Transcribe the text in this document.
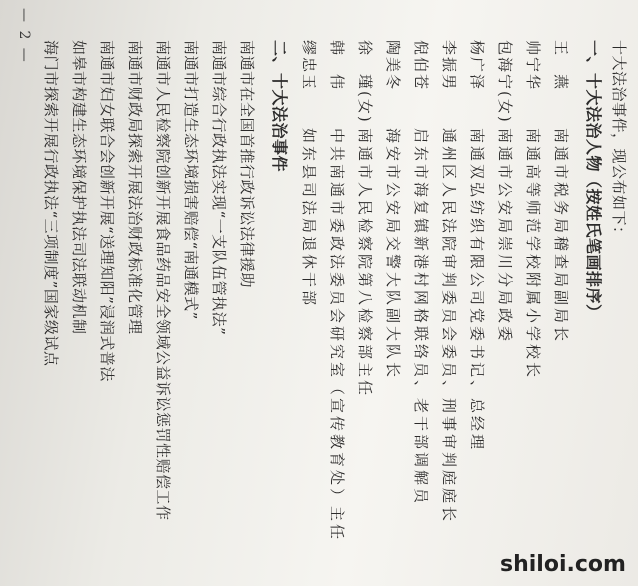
十大法治事件，现公布如下：
一、十大法治人物（按姓氏笔画排序）
王　燕南通市税务局稽查局副局长
帅宁华南通高等师范学校附属小学校长
包海宁(女)南通市公安局崇川分局政委
杨广泽南通双弘纺织有限公司党委书记、总经理
李振男通州区人民法院审判委员会委员、刑事审判庭庭长
倪伯苍启东市海复镇新港村网格联络员、老干部调解员
陶美冬海安市公安局交警大队副大队长
徐　瑾(女)南通市人民检察院第八检察部主任
韩　伟中共南通市委政法委员会研究室（宣传教育处）主任
缪忠玉如东县司法局退休干部
二、十大法治事件
南通市在全国首推行政诉讼法律援助
南通市综合行政执法实现“一支队伍管执法”
南通市打造生态环境损害赔偿“南通模式”
南通市人民检察院创新开展食品药品安全领域公益诉讼惩罚性赔偿工作
南通市财政局探索开展法治财政标准化管理
南通市妇女联合会创新开展“送理知阳”浸润式普法
如皋市构建生态环境保护执法司法联动机制
海门市探索开展行政执法“三项制度”国家级试点
— 2 —
shiloi.com
